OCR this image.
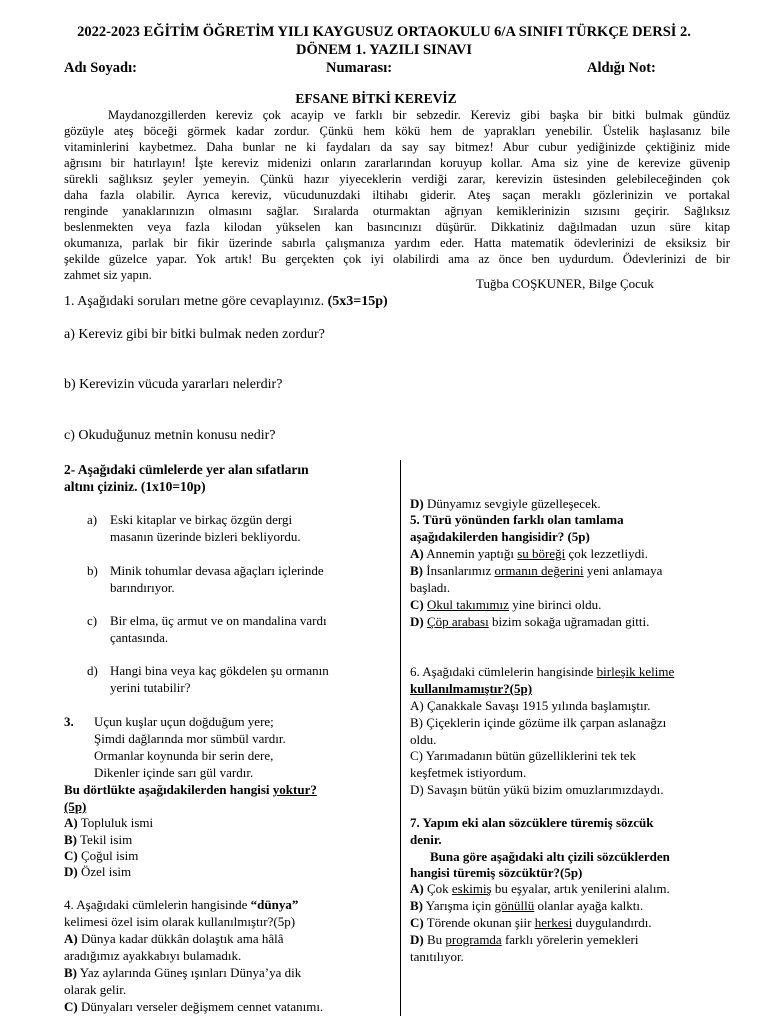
2022-2023 EĞİTİM ÖĞRETİM YILI KAYGUSUZ ORTAOKULU 6/A SINIFI TÜRKÇE DERSİ 2.
DÖNEM 1. YAZILI SINAVI
Adı Soyadı:	Numarası:	Aldığı Not:
EFSANE BİTKİ KEREVİZ
Maydanozgillerden kereviz çok acayip ve farklı bir sebzedir. Kereviz gibi başka bir bitki bulmak gündüz
gözüyle ateş böceği görmek kadar zordur. Çünkü hem kökü hem de yaprakları yenebilir. Üstelik haşlasanız bile
vitaminlerini kaybetmez. Daha bunlar ne ki faydaları da say say bitmez! Abur cubur yediğinizde çektiğiniz mide
ağrısını bir hatırlayın! İşte kereviz midenizi onların zararlarından koruyup kollar. Ama siz yine de kerevize güvenip
sürekli sağlıksız şeyler yemeyin. Çünkü hazır yiyeceklerin verdiği zarar, kerevizin üstesinden gelebileceğinden çok
daha fazla olabilir. Ayrıca kereviz, vücudunuzdaki iltihabı giderir. Ateş saçan meraklı gözlerinizin ve portakal
renginde yanaklarınızın olmasını sağlar. Sıralarda oturmaktan ağrıyan kemiklerinizin sızısını geçirir. Sağlıksız
beslenmekten veya fazla kilodan yükselen kan basıncınızı düşürür. Dikkatiniz dağılmadan uzun süre kitap
okumanıza, parlak bir fikir üzerinde sabırla çalışmanıza yardım eder. Hatta matematik ödevlerinizi de eksiksiz bir
şekilde güzelce yapar. Yok artık! Bu gerçekten çok iyi olabilirdi ama az önce ben uydurdum. Ödevlerinizi de bir
zahmet siz yapın.
Tuğba COŞKUNER, Bilge Çocuk
1. Aşağıdaki soruları metne göre cevaplayınız. (5x3=15p)
a) Kereviz gibi bir bitki bulmak neden zordur?
b) Kerevizin vücuda yararları nelerdir?
c) Okuduğunuz metnin konusu nedir?
2- Aşağıdaki cümlelerde yer alan sıfatların
altını çiziniz. (1x10=10p)
a) Eski kitaplar ve birkaç özgün dergi
masanın üzerinde bizleri bekliyordu.
b) Minik tohumlar devasa ağaçları içlerinde
barındırıyor.
c) Bir elma, üç armut ve on mandalina vardı
çantasında.
d) Hangi bina veya kaç gökdelen şu ormanın
yerini tutabilir?
3. Uçun kuşlar uçun doğduğum yere;
Şimdi dağlarında mor sümbül vardır.
Ormanlar koynunda bir serin dere,
Dikenler içinde sarı gül vardır.
Bu dörtlükte aşağıdakilerden hangisi yoktur?
(5p)
A) Topluluk ismi
B) Tekil isim
C) Çoğul isim
D) Özel isim
4. Aşağıdaki cümlelerin hangisinde “dünya”
kelimesi özel isim olarak kullanılmıştır?(5p)
A) Dünya kadar dükkân dolaştık ama hâlâ
aradığımız ayakkabıyı bulamadık.
B) Yaz aylarında Güneş ışınları Dünya’ya dik
olarak gelir.
C) Dünyaları verseler değişmem cennet vatanımı.
D) Dünyamız sevgiyle güzelleşecek.
5. Türü yönünden farklı olan tamlama
aşağıdakilerden hangisidir? (5p)
A) Annemin yaptığı su böreği çok lezzetliydi.
B) İnsanlarımız ormanın değerini yeni anlamaya
başladı.
C) Okul takımımız yine birinci oldu.
D) Çöp arabası bizim sokağa uğramadan gitti.
6. Aşağıdaki cümlelerin hangisinde birleşik kelime
kullanılmamıştır?(5p)
A) Çanakkale Savaşı 1915 yılında başlamıştır.
B) Çiçeklerin içinde gözüme ilk çarpan aslanağzı
oldu.
C) Yarımadanın bütün güzelliklerini tek tek
keşfetmek istiyordum.
D) Savaşın bütün yükü bizim omuzlarımızdaydı.
7. Yapım eki alan sözcüklere türemiş sözcük
denir.
Buna göre aşağıdaki altı çizili sözcüklerden
hangisi türemiş sözcüktür?(5p)
A) Çok eskimiş bu eşyalar, artık yenilerini alalım.
B) Yarışma için gönüllü olanlar ayağa kalktı.
C) Törende okunan şiir herkesi duygulandırdı.
D) Bu programda farklı yörelerin yemekleri
tanıtılıyor.
